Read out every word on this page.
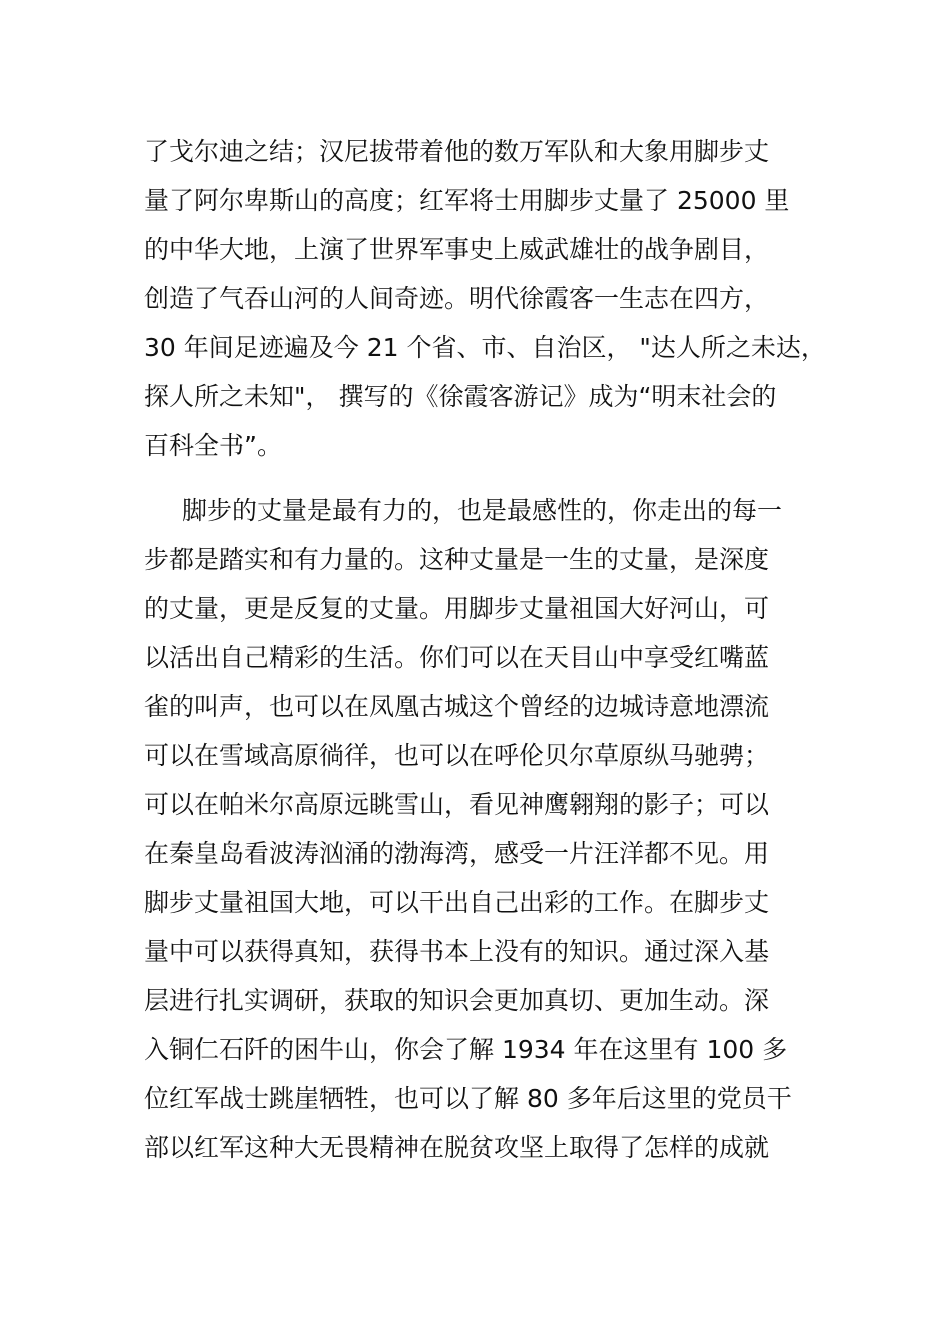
了戈尔迪之结；汉尼拔带着他的数万军队和大象用脚步丈
量了阿尔卑斯山的高度；红军将士用脚步丈量了 25000 里
的中华大地，上演了世界军事史上威武雄壮的战争剧目，
创造了气吞山河的人间奇迹。明代徐霞客一生志在四方，
30 年间足迹遍及今 21 个省、市、自治区， "达人所之未达，
探人所之未知"， 撰写的《徐霞客游记》成为“明末社会的
百科全书”。
脚步的丈量是最有力的，也是最感性的，你走出的每一
步都是踏实和有力量的。这种丈量是一生的丈量，是深度
的丈量，更是反复的丈量。用脚步丈量祖国大好河山，可
以活出自己精彩的生活。你们可以在天目山中享受红嘴蓝
雀的叫声，也可以在凤凰古城这个曾经的边城诗意地漂流
可以在雪域高原徜徉，也可以在呼伦贝尔草原纵马驰骋；
可以在帕米尔高原远眺雪山，看见神鹰翱翔的影子；可以
在秦皇岛看波涛汹涌的渤海湾，感受一片汪洋都不见。用
脚步丈量祖国大地，可以干出自己出彩的工作。在脚步丈
量中可以获得真知，获得书本上没有的知识。通过深入基
层进行扎实调研，获取的知识会更加真切、更加生动。深
入铜仁石阡的困牛山，你会了解 1934 年在这里有 100 多
位红军战士跳崖牺牲，也可以了解 80 多年后这里的党员干
部以红军这种大无畏精神在脱贫攻坚上取得了怎样的成就
